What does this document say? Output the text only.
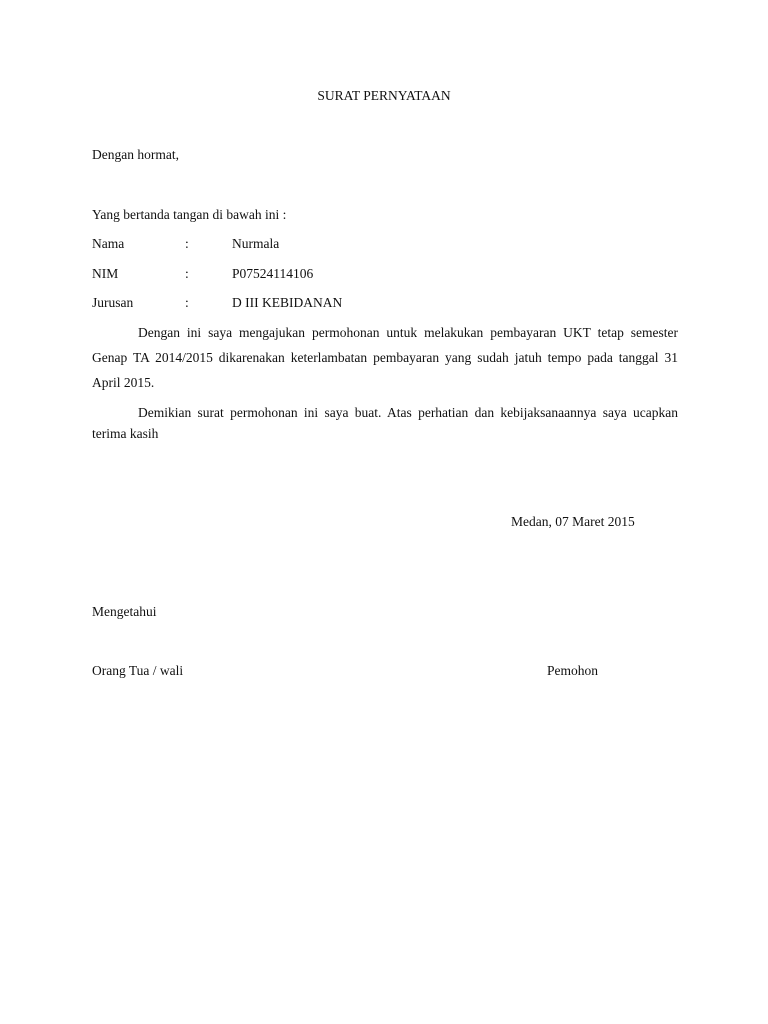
SURAT PERNYATAAN
Dengan hormat,
Yang bertanda tangan di bawah ini :
Nama	:	Nurmala
NIM	:	P07524114106
Jurusan	:	D III KEBIDANAN

Dengan ini saya mengajukan permohonan untuk melakukan pembayaran UKT tetap semester Genap TA 2014/2015 dikarenakan keterlambatan pembayaran yang sudah jatuh tempo pada tanggal 31 April 2015.

Demikian surat permohonan ini saya buat. Atas perhatian dan kebijaksanaannya saya ucapkan terima kasih

Medan, 07 Maret 2015
Mengetahui
Orang Tua / wali	Pemohon
